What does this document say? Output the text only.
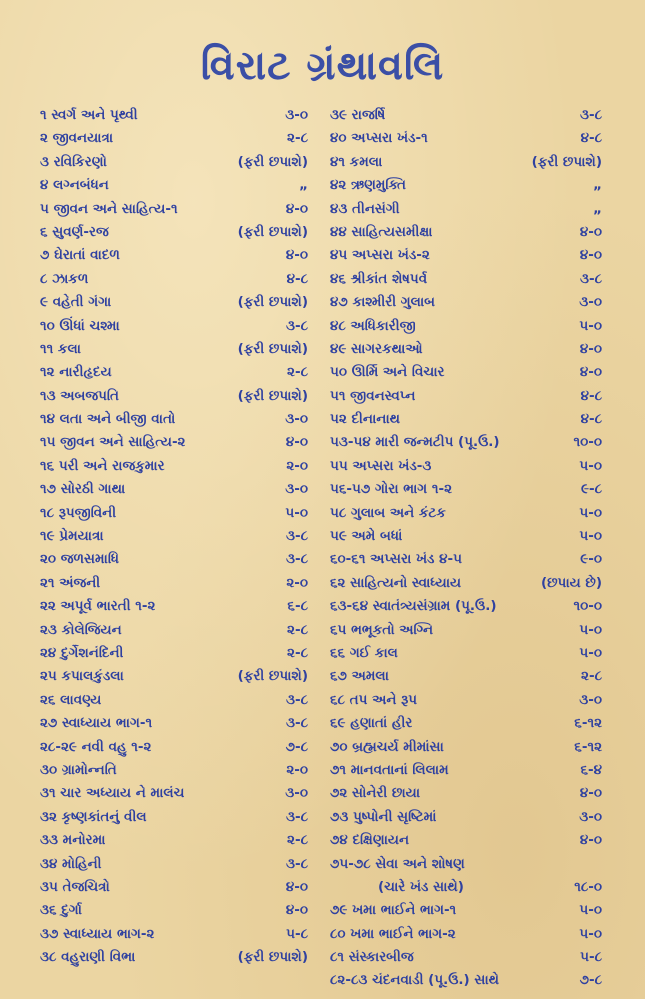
વિરાટ ગ્રંથાવલિ
૧ સ્વર્ગ અને પૃથ્વી	૩-૦
૨ જીવનયાત્રા	૨-૮
૩ રવિકિરણો	(ફરી છપાશે)
૪ લગ્નબંધન	„
૫ જીવન અને સાહિત્ય-૧	૪-૦
૬ સુવર્ણ-રજ	(ફરી છપાશે)
૭ ઘેરાતાં વાદળ	૪-૦
૮ ઝાકળ	૪-૮
૯ વહેતી ગંગા	(ફરી છપાશે)
૧૦ ઊંધાં ચશ્મા	૩-૮
૧૧ કલા	(ફરી છપાશે)
૧૨ નારીહૃદય	૨-૮
૧૩ અબજપતિ	(ફરી છપાશે)
૧૪ લતા અને બીજી વાતો	૩-૦
૧૫ જીવન અને સાહિત્ય-૨	૪-૦
૧૬ પરી અને રાજકુમાર	૨-૦
૧૭ સોરઠી ગાથા	૩-૦
૧૮ રૂપજીવિની	૫-૦
૧૯ પ્રેમયાત્રા	૩-૮
૨૦ જળસમાધિ	૩-૮
૨૧ અંજની	૨-૦
૨૨ અપૂર્વ ભારતી ૧-૨	૬-૮
૨૩ કોલેજિયન	૨-૮
૨૪ દુર્ગેશનંદિની	૨-૮
૨૫ કપાલકુંડલા	(ફરી છપાશે)
૨૬ લાવણ્ય	૩-૮
૨૭ સ્વાધ્યાય ભાગ-૧	૩-૮
૨૮-૨૯ નવી વહુ ૧-૨	૭-૮
૩૦ ગ્રામોન્નતિ	૨-૦
૩૧ ચાર અધ્યાય ને માલંચ	૩-૦
૩૨ કૃષ્ણકાંતનું વીલ	૩-૮
૩૩ મનોરમા	૨-૮
૩૪ મોહિની	૩-૮
૩૫ તેજચિત્રો	૪-૦
૩૬ દુર્ગા	૪-૦
૩૭ સ્વાધ્યાય ભાગ-૨	૫-૮
૩૮ વહુરાણી વિભા	(ફરી છપાશે)
૩૯ રાજર્ષિ	૩-૮
૪૦ અપ્સરા ખંડ-૧	૪-૮
૪૧ કમલા	(ફરી છપાશે)
૪૨ ઋણમુક્તિ	„
૪૩ તીનસંગી	„
૪૪ સાહિત્યસમીક્ષા	૪-૦
૪૫ અપ્સરા ખંડ-૨	૪-૦
૪૬ શ્રીકાંત શેષપર્વ	૩-૮
૪૭ કાશ્મીરી ગુલાબ	૩-૦
૪૮ અધિકારીજી	૫-૦
૪૯ સાગરકથાઓ	૪-૦
૫૦ ઊર્મિ અને વિચાર	૪-૦
૫૧ જીવનસ્વપ્ન	૪-૮
૫૨ દીનાનાથ	૪-૮
૫૩-૫૪ મારી જન્મટીપ (પૂ.ઉ.)	૧૦-૦
૫૫ અપ્સરા ખંડ-૩	૫-૦
૫૬-૫૭ ગોરા ભાગ ૧-૨	૯-૮
૫૮ ગુલાબ અને કંટક	૫-૦
૫૯ અમે બધાં	૫-૦
૬૦-૬૧ અપ્સરા ખંડ ૪-૫	૯-૦
૬૨ સાહિત્યનો સ્વાધ્યાય	(છપાય છે)
૬૩-૬૪ સ્વાતંત્ર્યસંગ્રામ (પૂ.ઉ.)	૧૦-૦
૬૫ ભભૂકતો અગ્નિ	૫-૦
૬૬ ગઈ કાલ	૫-૦
૬૭ અમલા	૨-૮
૬૮ તપ અને રૂપ	૩-૦
૬૯ હણાતાં હીર	૬-૧૨
૭૦ બ્રહ્મચર્ય મીમાંસા	૬-૧૨
૭૧ માનવતાનાં લિલામ	૬-૪
૭૨ સોનેરી છાયા	૪-૦
૭૩ પુષ્પોની સૃષ્ટિમાં	૩-૦
૭૪ દક્ષિણાયન	૪-૦
૭૫-૭૮ સેવા અને શોષણ
(ચારે ખંડ સાથે)	૧૮-૦
૭૯ ખમા ભાઈને ભાગ-૧	૫-૦
૮૦ ખમા ભાઈને ભાગ-૨	૫-૦
૮૧ સંસ્કારબીજ	૫-૮
૮૨-૮૩ ચંદનવાડી (પૂ.ઉ.) સાથે	૭-૮
